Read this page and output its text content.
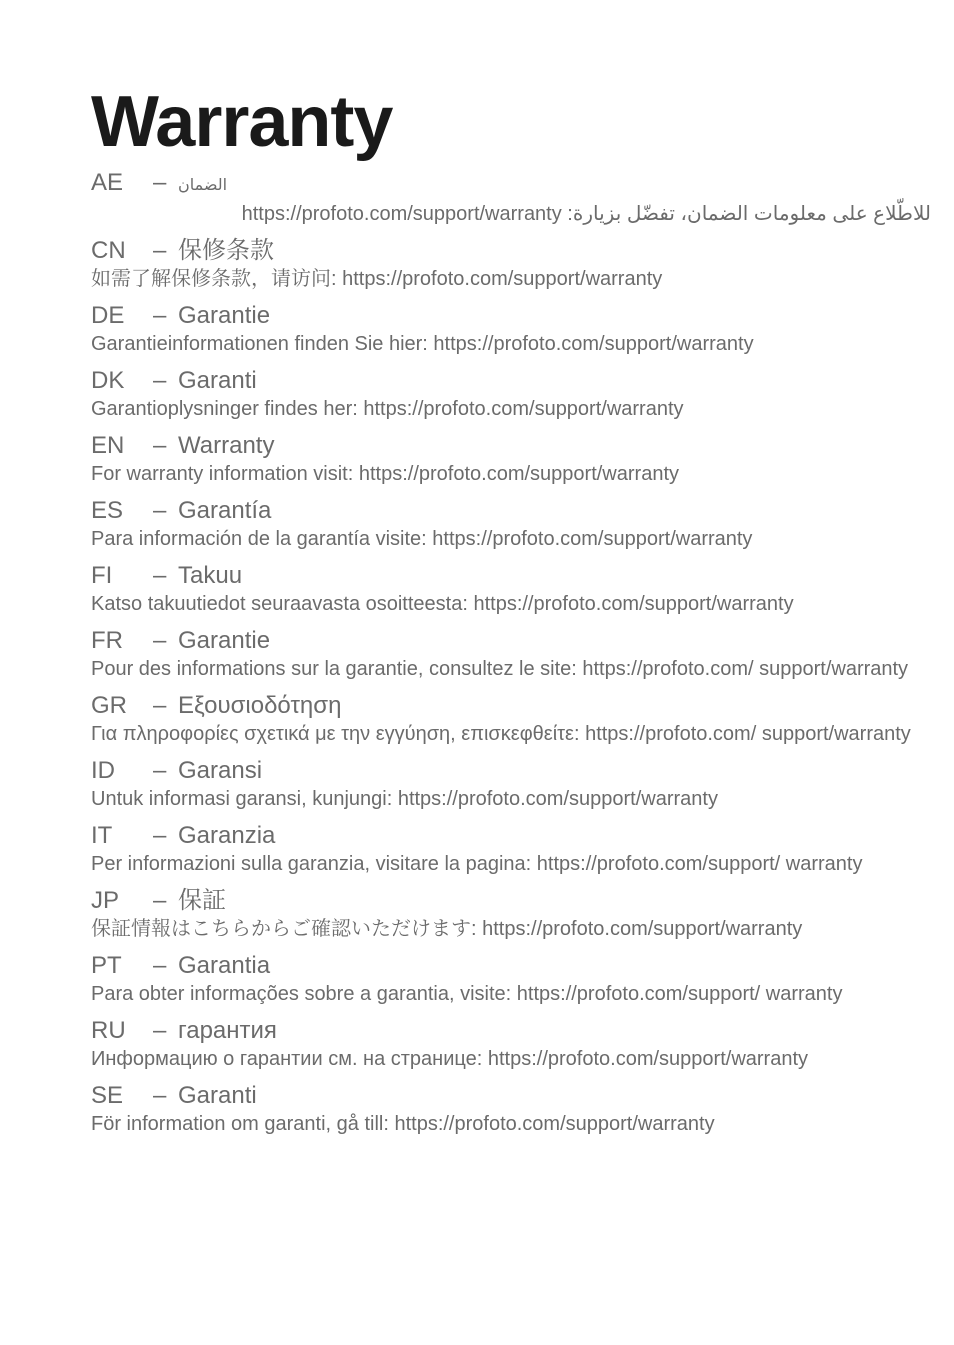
Warranty
AE – الضمان
للاطّلاع على معلومات الضمان، تفضّل بزيارة: https://profoto.com/support/warranty
CN – 保修条款
如需了解保修条款，请访问: https://profoto.com/support/warranty
DE – Garantie
Garantieinformationen finden Sie hier: https://profoto.com/support/warranty
DK – Garanti
Garantioplysninger findes her: https://profoto.com/support/warranty
EN – Warranty
For warranty information visit: https://profoto.com/support/warranty
ES – Garantía
Para información de la garantía visite: https://profoto.com/support/warranty
FI – Takuu
Katso takuutiedot seuraavasta osoitteesta: https://profoto.com/support/warranty
FR – Garantie
Pour des informations sur la garantie, consultez le site: https://profoto.com/ support/warranty
GR – Εξουσιοδότηση
Για πληροφορίες σχετικά με την εγγύηση, επισκεφθείτε: https://profoto.com/ support/warranty
ID – Garansi
Untuk informasi garansi, kunjungi: https://profoto.com/support/warranty
IT – Garanzia
Per informazioni sulla garanzia, visitare la pagina: https://profoto.com/support/ warranty
JP – 保証
保証情報はこちらからご確認いただけます: https://profoto.com/support/warranty
PT – Garantia
Para obter informações sobre a garantia, visite: https://profoto.com/support/ warranty
RU – гарантия
Информацию о гарантии см. на странице: https://profoto.com/support/warranty
SE – Garanti
För information om garanti, gå till: https://profoto.com/support/warranty
